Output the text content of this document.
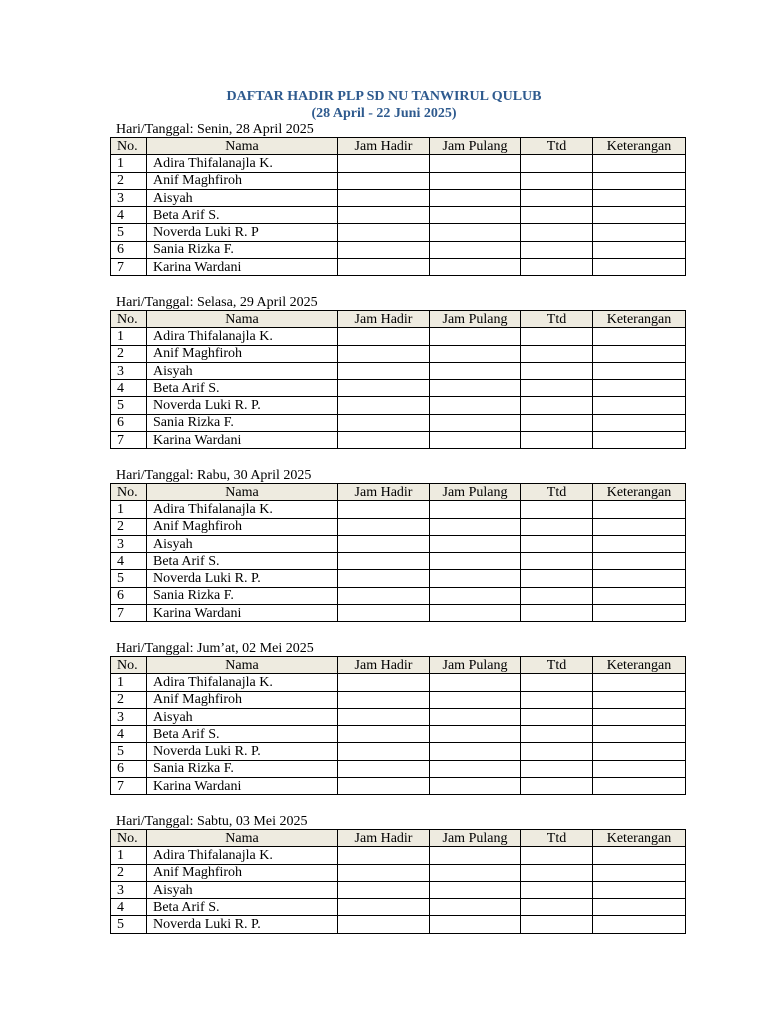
DAFTAR HADIR PLP SD NU TANWIRUL QULUB
(28 April - 22 Juni 2025)
Hari/Tanggal: Senin, 28 April 2025
No.	Nama	Jam Hadir	Jam Pulang	Ttd	Keterangan
1	Adira Thifalanajla K.				
2	Anif Maghfiroh				
3	Aisyah				
4	Beta Arif S.				
5	Noverda Luki R. P				
6	Sania Rizka F.				
7	Karina Wardani				
Hari/Tanggal: Selasa, 29 April 2025
No.	Nama	Jam Hadir	Jam Pulang	Ttd	Keterangan
1	Adira Thifalanajla K.				
2	Anif Maghfiroh				
3	Aisyah				
4	Beta Arif S.				
5	Noverda Luki R. P.				
6	Sania Rizka F.				
7	Karina Wardani				
Hari/Tanggal: Rabu, 30 April 2025
No.	Nama	Jam Hadir	Jam Pulang	Ttd	Keterangan
1	Adira Thifalanajla K.				
2	Anif Maghfiroh				
3	Aisyah				
4	Beta Arif S.				
5	Noverda Luki R. P.				
6	Sania Rizka F.				
7	Karina Wardani				
Hari/Tanggal: Jum’at, 02 Mei 2025
No.	Nama	Jam Hadir	Jam Pulang	Ttd	Keterangan
1	Adira Thifalanajla K.				
2	Anif Maghfiroh				
3	Aisyah				
4	Beta Arif S.				
5	Noverda Luki R. P.				
6	Sania Rizka F.				
7	Karina Wardani				
Hari/Tanggal: Sabtu, 03 Mei 2025
No.	Nama	Jam Hadir	Jam Pulang	Ttd	Keterangan
1	Adira Thifalanajla K.				
2	Anif Maghfiroh				
3	Aisyah				
4	Beta Arif S.				
5	Noverda Luki R. P.				
